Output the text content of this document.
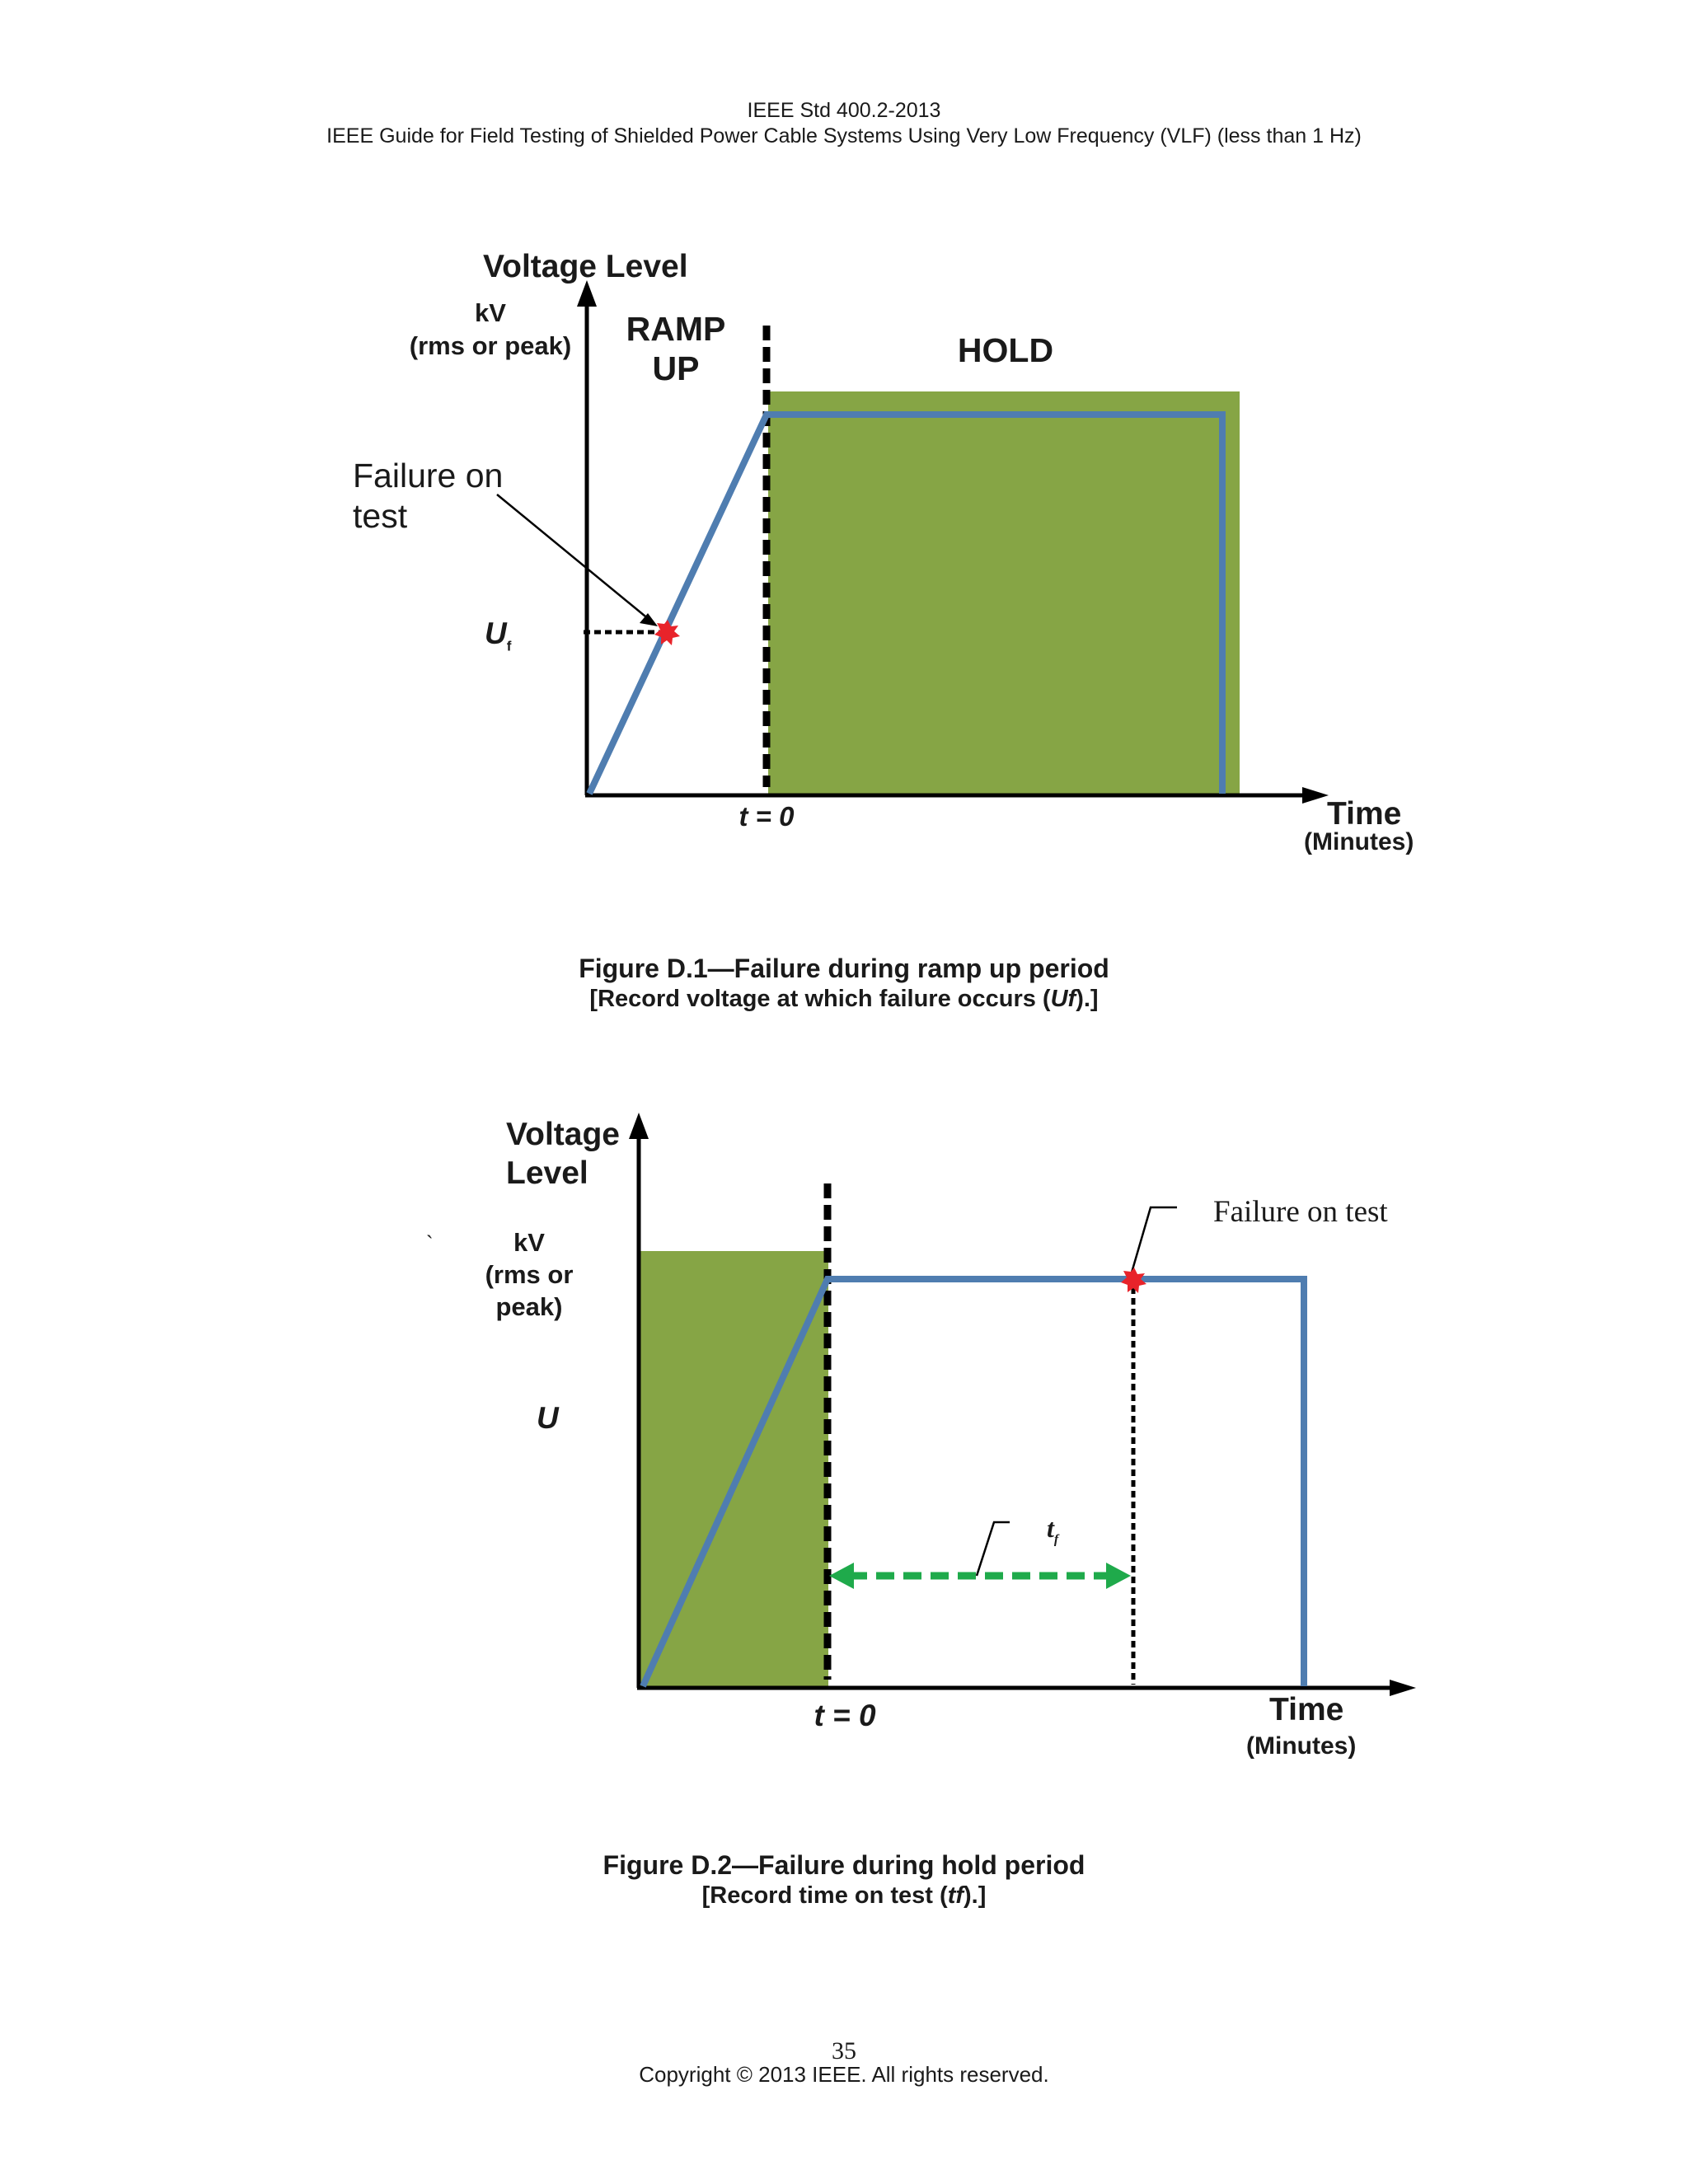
IEEE Std 400.2-2013
IEEE Guide for Field Testing of Shielded Power Cable Systems Using Very Low Frequency (VLF) (less than 1 Hz)
Voltage Level
kV
(rms or peak)	RAMP
UP	HOLD
Failure on
test
$U_f$
t = 0	Time
(Minutes)
Figure D.1—Failure during ramp up period
[Record voltage at which failure occurs (Uf).]
Voltage
Level
`	kV
(rms or
peak)
U
Failure on test
$t_f$
t = 0	Time
(Minutes)
Figure D.2—Failure during hold period
[Record time on test (tf).]
35
Copyright © 2013 IEEE. All rights reserved.
